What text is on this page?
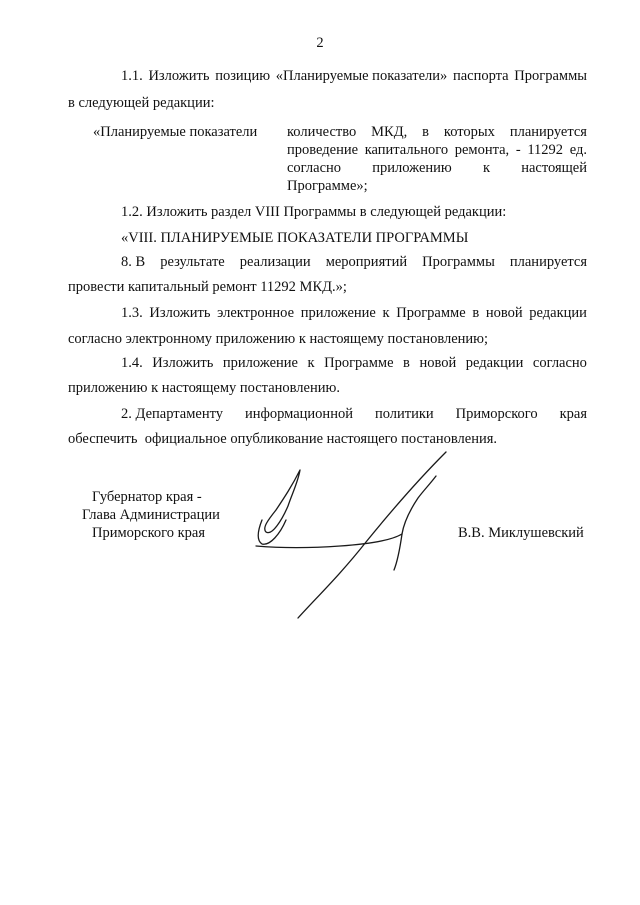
2
1.1. Изложить позицию «Планируемые показатели» паспорта Программы
в следующей редакции:
«Планируемые показатели количество МКД, в которых планируется
проведение капитального ремонта, - 11292 ед.
согласно приложению к настоящей
Программе»;
1.2. Изложить раздел VIII Программы в следующей редакции:
«VIII. ПЛАНИРУЕМЫЕ ПОКАЗАТЕЛИ ПРОГРАММЫ
8. В результате реализации мероприятий Программы планируется
провести капитальный ремонт 11292 МКД.»;
1.3. Изложить электронное приложение к Программе в новой редакции
согласно электронному приложению к настоящему постановлению;
1.4. Изложить приложение к Программе в новой редакции согласно
приложению к настоящему постановлению.
2. Департаменту информационной политики Приморского края
обеспечить  официальное опубликование настоящего постановления.
Губернатор края -
Глава Администрации
Приморского края	В.В. Миклушевский
